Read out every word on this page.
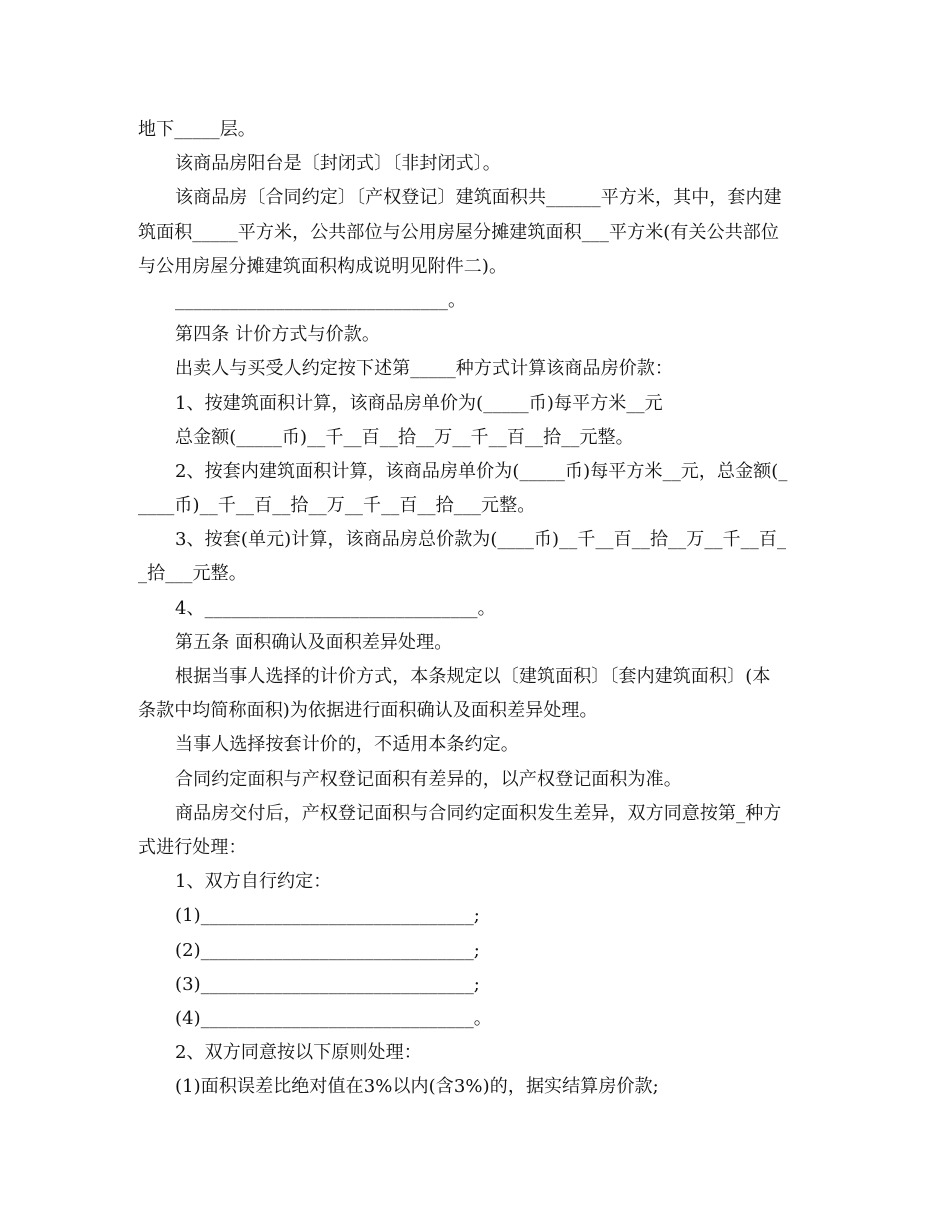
地下_____层。
该商品房阳台是〔封闭式〕〔非封闭式〕。
该商品房〔合同约定〕〔产权登记〕建筑面积共______平方米，其中，套内建
筑面积_____平方米，公共部位与公用房屋分摊建筑面积___平方米(有关公共部位
与公用房屋分摊建筑面积构成说明见附件二)。
______________________________。
第四条 计价方式与价款。
出卖人与买受人约定按下述第_____种方式计算该商品房价款：
1、按建筑面积计算，该商品房单价为(_____币)每平方米__元
总金额(_____币)__千__百__拾__万__千__百__拾__元整。
2、按套内建筑面积计算，该商品房单价为(_____币)每平方米__元，总金额(_
____币)__千__百__拾__万__千__百__拾___元整。
3、按套(单元)计算，该商品房总价款为(____币)__千__百__拾__万__千__百_
_拾___元整。
4、______________________________。
第五条 面积确认及面积差异处理。
根据当事人选择的计价方式，本条规定以〔建筑面积〕〔套内建筑面积〕(本
条款中均简称面积)为依据进行面积确认及面积差异处理。
当事人选择按套计价的，不适用本条约定。
合同约定面积与产权登记面积有差异的，以产权登记面积为准。
商品房交付后，产权登记面积与合同约定面积发生差异，双方同意按第_种方
式进行处理：
1、双方自行约定：
(1)______________________________;
(2)______________________________;
(3)______________________________;
(4)______________________________。
2、双方同意按以下原则处理：
(1)面积误差比绝对值在3%以内(含3%)的，据实结算房价款;
